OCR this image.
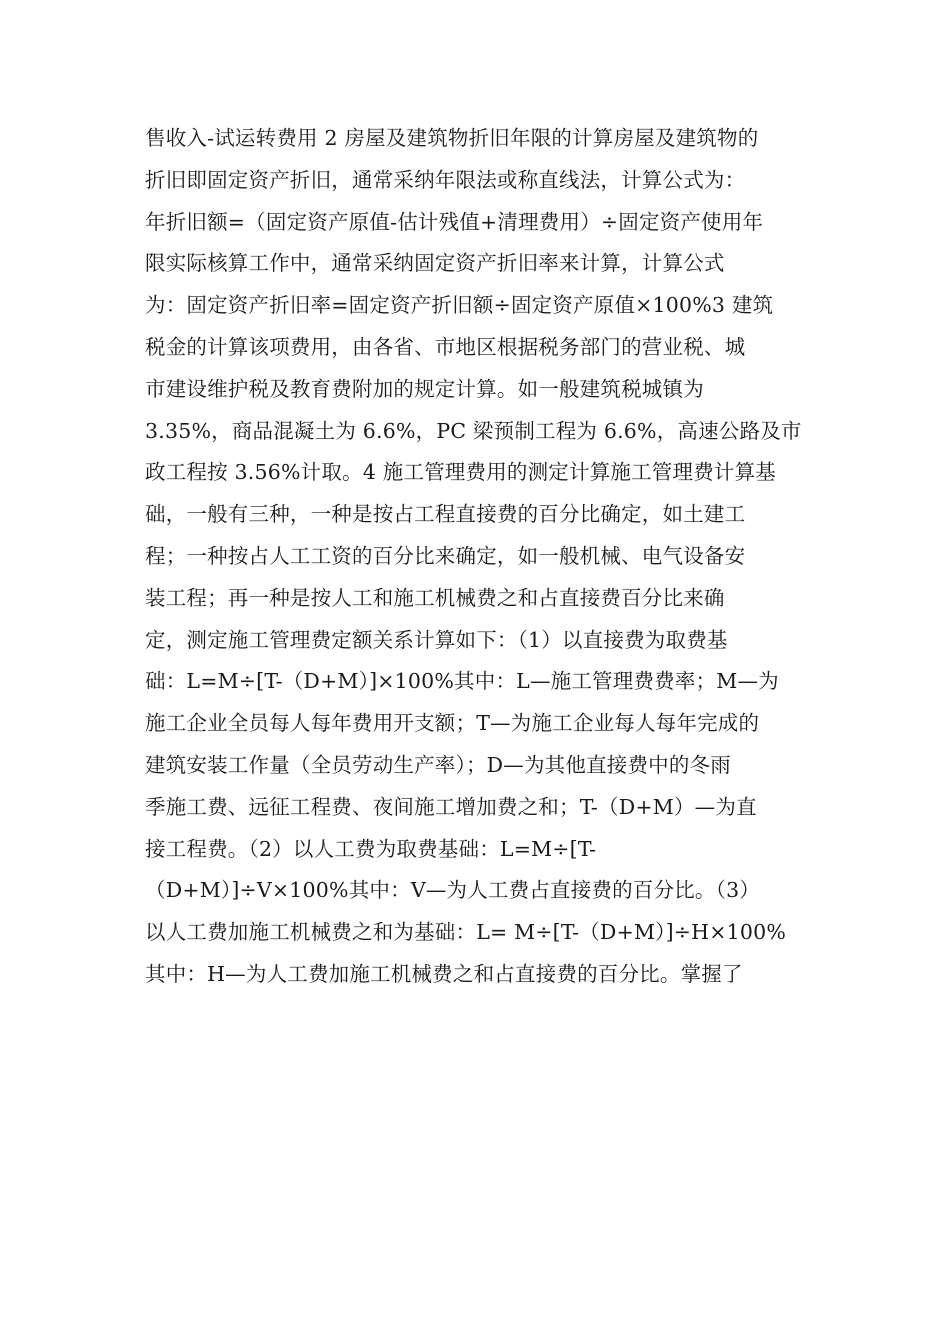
售收入-试运转费用 2 房屋及建筑物折旧年限的计算房屋及建筑物的
折旧即固定资产折旧，通常采纳年限法或称直线法，计算公式为：
年折旧额=（固定资产原值-估计残值+清理费用）÷固定资产使用年
限实际核算工作中，通常采纳固定资产折旧率来计算，计算公式
为：固定资产折旧率=固定资产折旧额÷固定资产原值×100%3 建筑
税金的计算该项费用，由各省、市地区根据税务部门的营业税、城
市建设维护税及教育费附加的规定计算。如一般建筑税城镇为
3.35%，商品混凝土为 6.6%，PC 梁预制工程为 6.6%，高速公路及市
政工程按 3.56%计取。4 施工管理费用的测定计算施工管理费计算基
础，一般有三种，一种是按占工程直接费的百分比确定，如土建工
程；一种按占人工工资的百分比来确定，如一般机械、电气设备安
装工程；再一种是按人工和施工机械费之和占直接费百分比来确
定，测定施工管理费定额关系计算如下：（1）以直接费为取费基
础：L=M÷[T-（D+M）]×100%其中：L—施工管理费费率；M—为
施工企业全员每人每年费用开支额；T—为施工企业每人每年完成的
建筑安装工作量（全员劳动生产率）；D—为其他直接费中的冬雨
季施工费、远征工程费、夜间施工增加费之和；T-（D+M）—为直
接工程费。（2）以人工费为取费基础：L=M÷[T-
（D+M）]÷V×100%其中：V—为人工费占直接费的百分比。（3）
以人工费加施工机械费之和为基础：L= M÷[T-（D+M）]÷H×100%
其中：H—为人工费加施工机械费之和占直接费的百分比。掌握了
